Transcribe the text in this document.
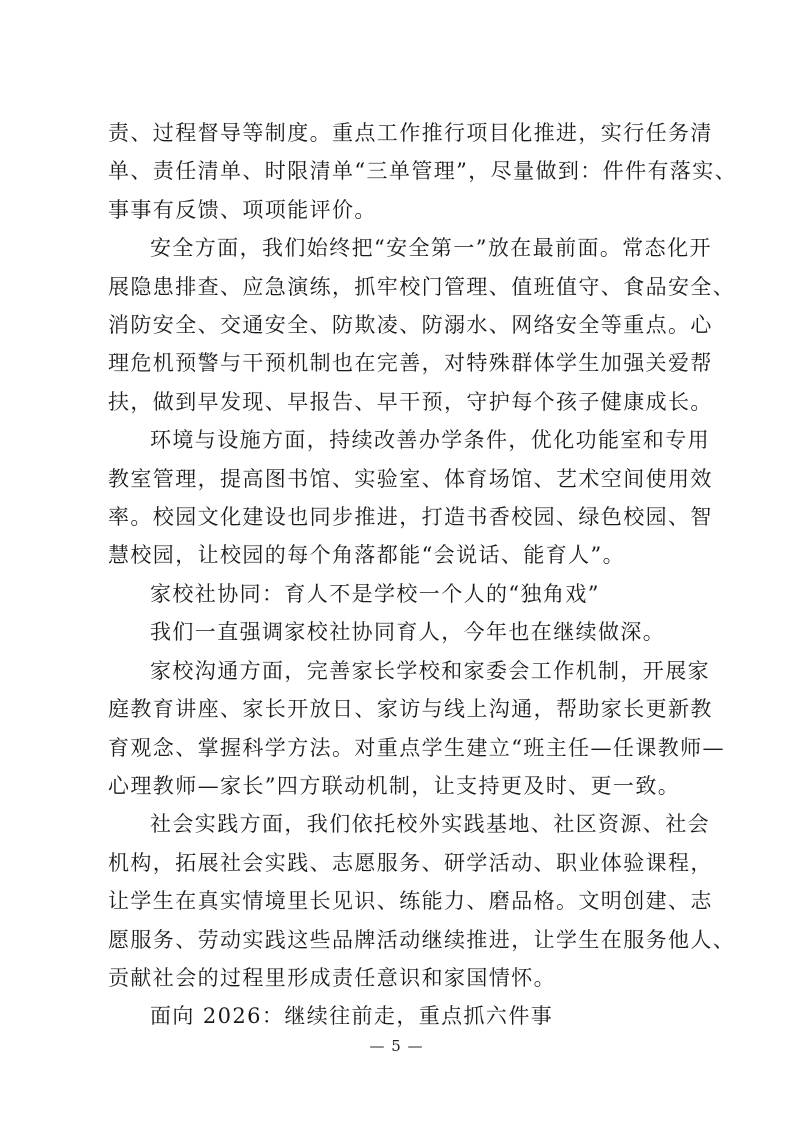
责、过程督导等制度。重点工作推行项目化推进，实行任务清
单、责任清单、时限清单“三单管理”，尽量做到：件件有落实、
事事有反馈、项项能评价。

安全方面，我们始终把“安全第一”放在最前面。常态化开
展隐患排查、应急演练，抓牢校门管理、值班值守、食品安全、
消防安全、交通安全、防欺凌、防溺水、网络安全等重点。心
理危机预警与干预机制也在完善，对特殊群体学生加强关爱帮
扶，做到早发现、早报告、早干预，守护每个孩子健康成长。

环境与设施方面，持续改善办学条件，优化功能室和专用
教室管理，提高图书馆、实验室、体育场馆、艺术空间使用效
率。校园文化建设也同步推进，打造书香校园、绿色校园、智
慧校园，让校园的每个角落都能“会说话、能育人”。

家校社协同：育人不是学校一个人的“独角戏”

我们一直强调家校社协同育人，今年也在继续做深。

家校沟通方面，完善家长学校和家委会工作机制，开展家
庭教育讲座、家长开放日、家访与线上沟通，帮助家长更新教
育观念、掌握科学方法。对重点学生建立“班主任—任课教师—
心理教师—家长”四方联动机制，让支持更及时、更一致。

社会实践方面，我们依托校外实践基地、社区资源、社会
机构，拓展社会实践、志愿服务、研学活动、职业体验课程，
让学生在真实情境里长见识、练能力、磨品格。文明创建、志
愿服务、劳动实践这些品牌活动继续推进，让学生在服务他人、
贡献社会的过程里形成责任意识和家国情怀。

面向 2026：继续往前走，重点抓六件事

— 5 —
